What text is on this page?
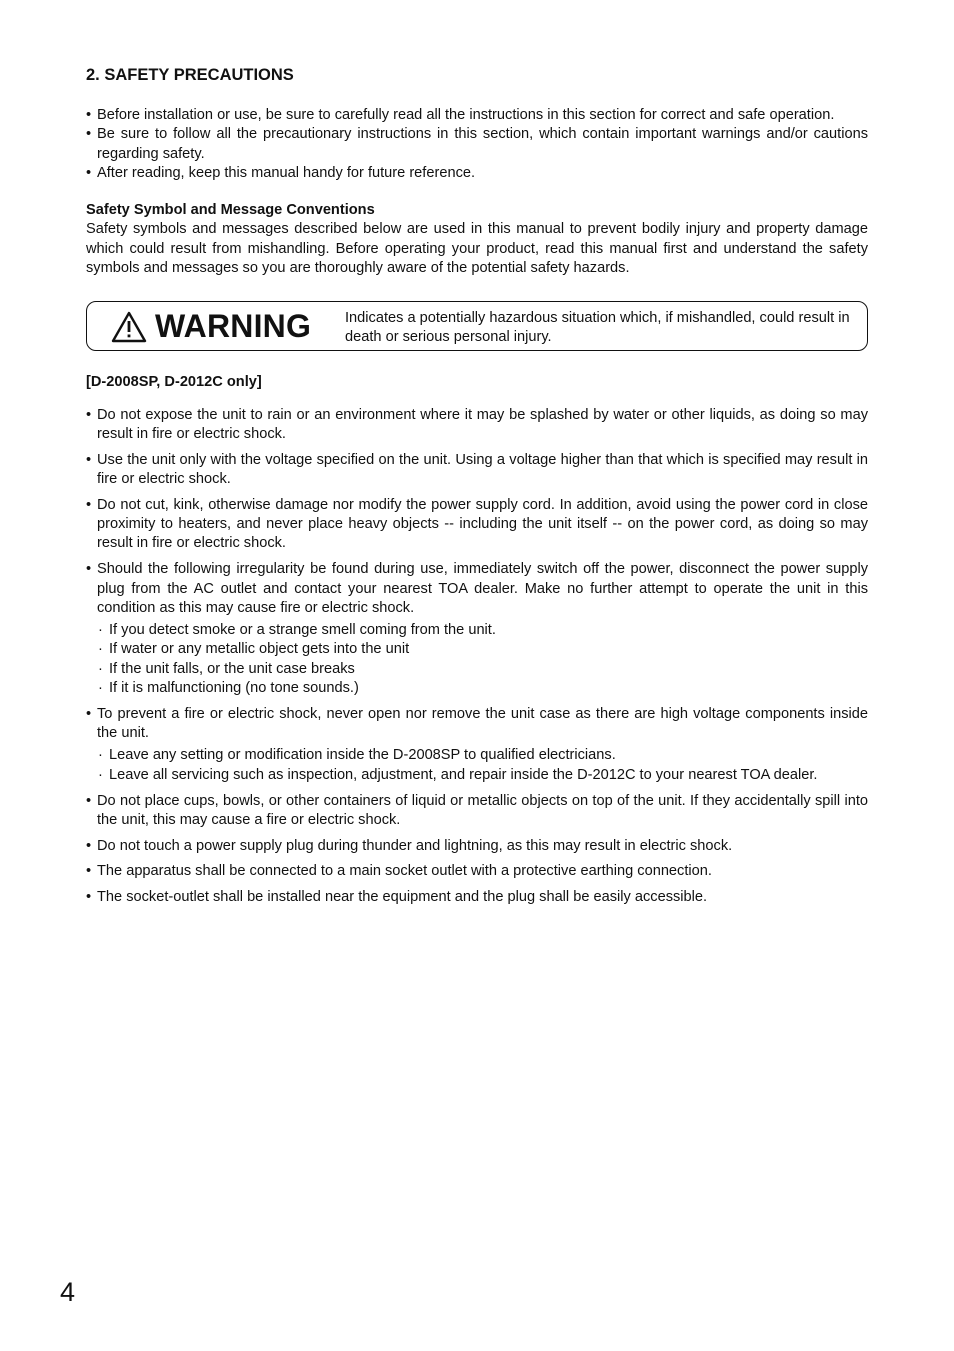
2. SAFETY PRECAUTIONS
• Before installation or use, be sure to carefully read all the instructions in this section for correct and safe operation.
• Be sure to follow all the precautionary instructions in this section, which contain important warnings and/or cautions regarding safety.
• After reading, keep this manual handy for future reference.
Safety Symbol and Message Conventions

Safety symbols and messages described below are used in this manual to prevent bodily injury and property damage which could result from mishandling. Before operating your product, read this manual first and understand the safety symbols and messages so you are thoroughly aware of the potential safety hazards.

WARNING Indicates a potentially hazardous situation which, if mishandled, could result in death or serious personal injury.
[D-2008SP, D-2012C only]
• Do not expose the unit to rain or an environment where it may be splashed by water or other liquids, as doing so may result in fire or electric shock.
• Use the unit only with the voltage specified on the unit. Using a voltage higher than that which is specified may result in fire or electric shock.
• Do not cut, kink, otherwise damage nor modify the power supply cord. In addition, avoid using the power cord in close proximity to heaters, and never place heavy objects -- including the unit itself -- on the power cord, as doing so may result in fire or electric shock.
• Should the following irregularity be found during use, immediately switch off the power, disconnect the power supply plug from the AC outlet and contact your nearest TOA dealer. Make no further attempt to operate the unit in this condition as this may cause fire or electric shock.
· If you detect smoke or a strange smell coming from the unit.
· If water or any metallic object gets into the unit
· If the unit falls, or the unit case breaks
· If it is malfunctioning (no tone sounds.)
• To prevent a fire or electric shock, never open nor remove the unit case as there are high voltage components inside the unit.
· Leave any setting or modification inside the D-2008SP to qualified electricians.
· Leave all servicing such as inspection, adjustment, and repair inside the D-2012C to your nearest TOA dealer.
• Do not place cups, bowls, or other containers of liquid or metallic objects on top of the unit. If they accidentally spill into the unit, this may cause a fire or electric shock.
• Do not touch a power supply plug during thunder and lightning, as this may result in electric shock.
• The apparatus shall be connected to a main socket outlet with a protective earthing connection.
• The socket-outlet shall be installed near the equipment and the plug shall be easily accessible.
4
